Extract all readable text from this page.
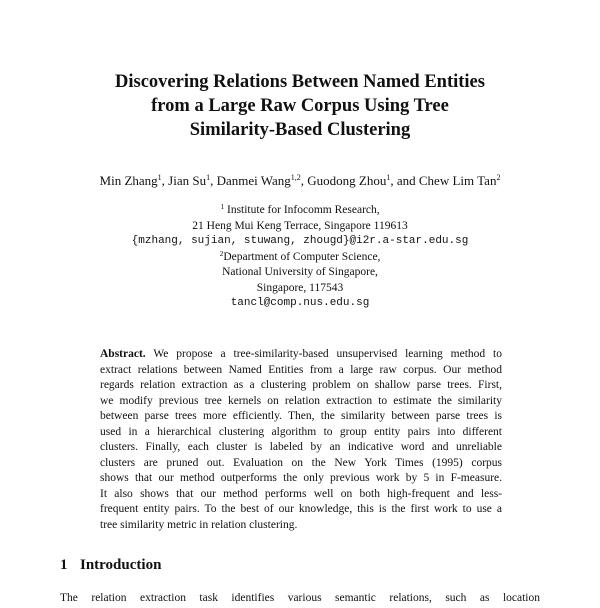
Discovering Relations Between Named Entities
from a Large Raw Corpus Using Tree
Similarity-Based Clustering
Min Zhang$^1$, Jian Su$^1$, Danmei Wang$^{1,2}$, Guodong Zhou$^1$, and Chew Lim Tan$^2$
$^1$ Institute for Infocomm Research,
21 Heng Mui Keng Terrace, Singapore 119613
{mzhang, sujian, stuwang, zhougd}@i2r.a-star.edu.sg
$^2$Department of Computer Science,
National University of Singapore,
Singapore, 117543
tancl@comp.nus.edu.sg
Abstract. We propose a tree-similarity-based unsupervised learning method to
extract relations between Named Entities from a large raw corpus. Our method
regards relation extraction as a clustering problem on shallow parse trees. First,
we modify previous tree kernels on relation extraction to estimate the similarity
between parse trees more efficiently. Then, the similarity between parse trees is
used in a hierarchical clustering algorithm to group entity pairs into different
clusters. Finally, each cluster is labeled by an indicative word and unreliable
clusters are pruned out. Evaluation on the New York Times (1995) corpus
shows that our method outperforms the only previous work by 5 in F-measure.
It also shows that our method performs well on both high-frequent and less-
frequent entity pairs. To the best of our knowledge, this is the first work to use a
tree similarity metric in relation clustering.
1 Introduction
The relation extraction task identifies various semantic relations, such as location
